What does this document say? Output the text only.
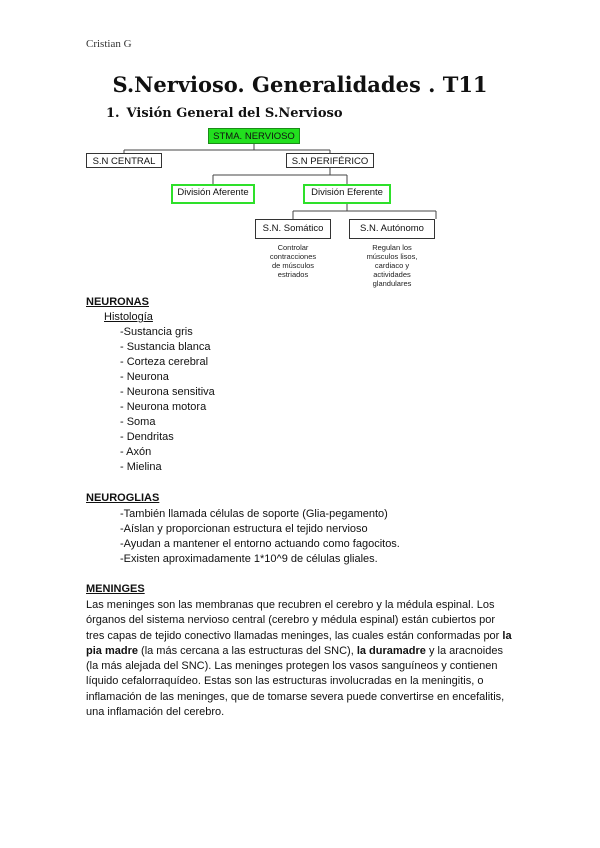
Cristian G
S.Nervioso. Generalidades . T11
1. Visión General del S.Nervioso
STMA. NERVIOSO
S.N CENTRAL	S.N PERIFÉRICO
División Aferente	División Eferente
S.N. Somático	S.N. Autónomo
Controlar
contracciones
de músculos
estriados
Regulan los
músculos lisos,
cardiaco y
actividades
glandulares
NEURONAS
Histología
-Sustancia gris
- Sustancia blanca
- Corteza cerebral
- Neurona
- Neurona sensitiva
- Neurona motora
- Soma
- Dendritas
- Axón
- Mielina
NEUROGLIAS
-También llamada células de soporte (Glia-pegamento)
-Aíslan y proporcionan estructura el tejido nervioso
-Ayudan a mantener el entorno actuando como fagocitos.
-Existen aproximadamente 1*10^9 de células gliales.
MENINGES
Las meninges son las membranas que recubren el cerebro y la médula espinal. Los órganos del sistema nervioso central (cerebro y médula espinal) están cubiertos por tres capas de tejido conectivo llamadas meninges, las cuales están conformadas por la pia madre (la más cercana a las estructuras del SNC), la duramadre y la aracnoides (la más alejada del SNC). Las meninges protegen los vasos sanguíneos y contienen líquido cefalorraquídeo. Estas son las estructuras involucradas en la meningitis, o inflamación de las meninges, que de tomarse severa puede convertirse en encefalitis, una inflamación del cerebro.
